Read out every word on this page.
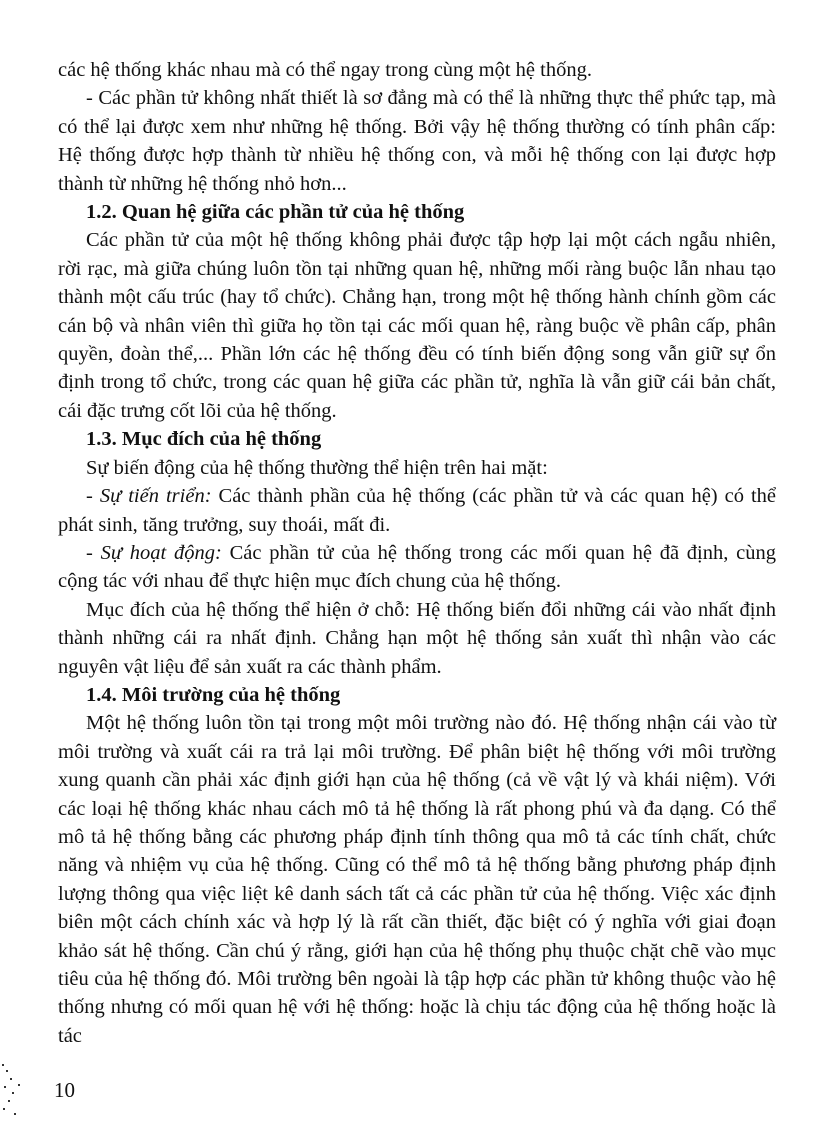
các hệ thống khác nhau mà có thể ngay trong cùng một hệ thống.

- Các phần tử không nhất thiết là sơ đẳng mà có thể là những thực thể phức tạp, mà có thể lại được xem như những hệ thống. Bởi vậy hệ thống thường có tính phân cấp: Hệ thống được hợp thành từ nhiều hệ thống con, và mỗi hệ thống con lại được hợp thành từ những hệ thống nhỏ hơn...

1.2. Quan hệ giữa các phần tử của hệ thống

Các phần tử của một hệ thống không phải được tập hợp lại một cách ngẫu nhiên, rời rạc, mà giữa chúng luôn tồn tại những quan hệ, những mối ràng buộc lẫn nhau tạo thành một cấu trúc (hay tổ chức). Chẳng hạn, trong một hệ thống hành chính gồm các cán bộ và nhân viên thì giữa họ tồn tại các mối quan hệ, ràng buộc về phân cấp, phân quyền, đoàn thể,... Phần lớn các hệ thống đều có tính biến động song vẫn giữ sự ổn định trong tổ chức, trong các quan hệ giữa các phần tử, nghĩa là vẫn giữ cái bản chất, cái đặc trưng cốt lõi của hệ thống.

1.3. Mục đích của hệ thống

Sự biến động của hệ thống thường thể hiện trên hai mặt:

- Sự tiến triển: Các thành phần của hệ thống (các phần tử và các quan hệ) có thể phát sinh, tăng trưởng, suy thoái, mất đi.

- Sự hoạt động: Các phần tử của hệ thống trong các mối quan hệ đã định, cùng cộng tác với nhau để thực hiện mục đích chung của hệ thống.

Mục đích của hệ thống thể hiện ở chỗ: Hệ thống biến đổi những cái vào nhất định thành những cái ra nhất định. Chẳng hạn một hệ thống sản xuất thì nhận vào các nguyên vật liệu để sản xuất ra các thành phẩm.

1.4. Môi trường của hệ thống

Một hệ thống luôn tồn tại trong một môi trường nào đó. Hệ thống nhận cái vào từ môi trường và xuất cái ra trả lại môi trường. Để phân biệt hệ thống với môi trường xung quanh cần phải xác định giới hạn của hệ thống (cả về vật lý và khái niệm). Với các loại hệ thống khác nhau cách mô tả hệ thống là rất phong phú và đa dạng. Có thể mô tả hệ thống bằng các phương pháp định tính thông qua mô tả các tính chất, chức năng và nhiệm vụ của hệ thống. Cũng có thể mô tả hệ thống bằng phương pháp định lượng thông qua việc liệt kê danh sách tất cả các phần tử của hệ thống. Việc xác định biên một cách chính xác và hợp lý là rất cần thiết, đặc biệt có ý nghĩa với giai đoạn khảo sát hệ thống. Cần chú ý rằng, giới hạn của hệ thống phụ thuộc chặt chẽ vào mục tiêu của hệ thống đó. Môi trường bên ngoài là tập hợp các phần tử không thuộc vào hệ thống nhưng có mối quan hệ với hệ thống: hoặc là chịu tác động của hệ thống hoặc là tác

10
